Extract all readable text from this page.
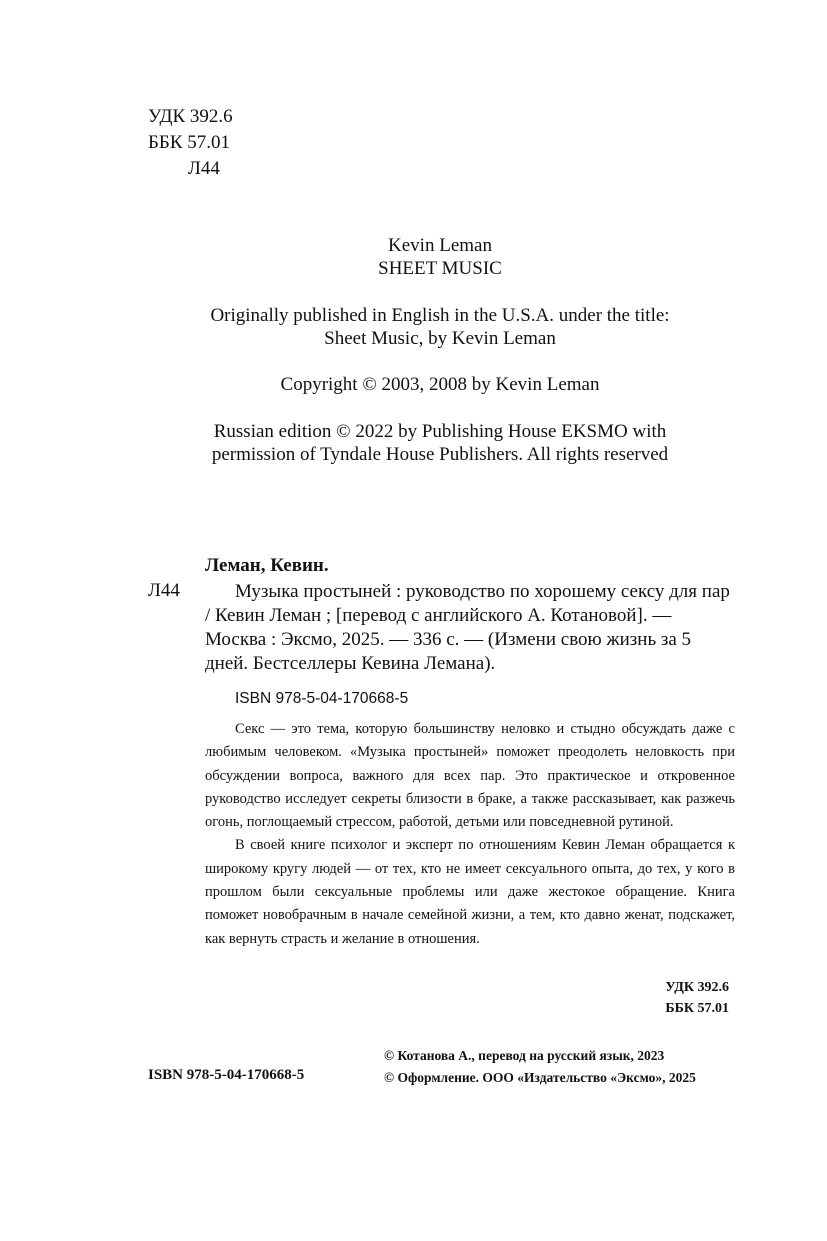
УДК 392.6
ББК 57.01
Л44
Kevin Leman
SHEET MUSIC
Originally published in English in the U.S.A. under the title:
Sheet Music, by Kevin Leman
Copyright © 2003, 2008 by Kevin Leman
Russian edition © 2022 by Publishing House EKSMO with
permission of Tyndale House Publishers. All rights reserved
Леман, Кевин.
Л44	Музыка простыней : руководство по хорошему сексу для пар / Кевин Леман ; [перевод с английского А. Котановой]. — Москва : Эксмо, 2025. — 336 с. — (Измени свою жизнь за 5 дней. Бестселлеры Кевина Лемана).
ISBN 978-5-04-170668-5

Секс — это тема, которую большинству неловко и стыдно обсуждать даже с любимым человеком. «Музыка простыней» поможет преодолеть неловкость при обсуждении вопроса, важного для всех пар. Это практическое и откровенное руководство исследует секреты близости в браке, а также рассказывает, как разжечь огонь, поглощаемый стрессом, работой, детьми или повседневной рутиной.

В своей книге психолог и эксперт по отношениям Кевин Леман обращается к широкому кругу людей — от тех, кто не имеет сексуального опыта, до тех, у кого в прошлом были сексуальные проблемы или даже жестокое обращение. Книга поможет новобрачным в начале семейной жизни, а тем, кто давно женат, подскажет, как вернуть страсть и желание в отношения.

УДК 392.6
ББК 57.01
ISBN 978-5-04-170668-5
© Котанова А., перевод на русский язык, 2023
© Оформление. ООО «Издательство «Эксмо», 2025
